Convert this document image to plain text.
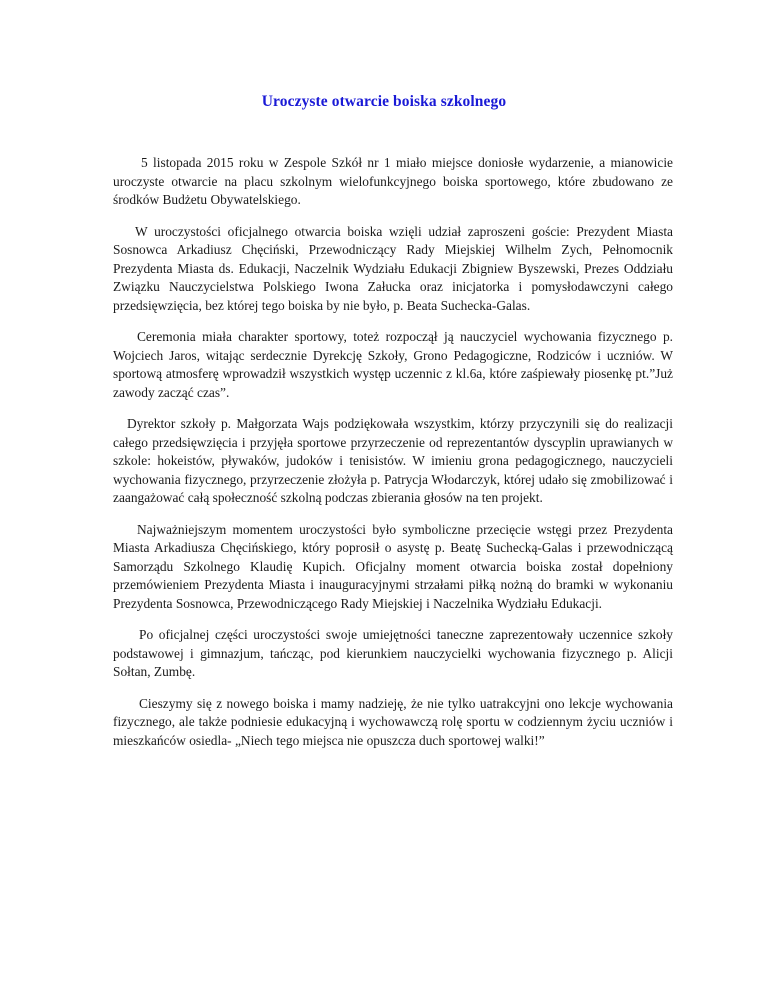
Uroczyste otwarcie boiska szkolnego

5 listopada 2015 roku w Zespole Szkół nr 1 miało miejsce doniosłe wydarzenie, a mianowicie uroczyste otwarcie na placu szkolnym wielofunkcyjnego boiska sportowego, które zbudowano ze środków Budżetu Obywatelskiego.

W uroczystości oficjalnego otwarcia boiska wzięli udział zaproszeni goście: Prezydent Miasta Sosnowca Arkadiusz Chęciński, Przewodniczący Rady Miejskiej Wilhelm Zych, Pełnomocnik Prezydenta Miasta ds. Edukacji, Naczelnik Wydziału Edukacji Zbigniew Byszewski, Prezes Oddziału Związku Nauczycielstwa Polskiego Iwona Załucka oraz inicjatorka i pomysłodawczyni całego przedsięwzięcia, bez której tego boiska by nie było, p. Beata Suchecka-Galas.

Ceremonia miała charakter sportowy, toteż rozpoczął ją nauczyciel wychowania fizycznego p. Wojciech Jaros, witając serdecznie Dyrekcję Szkoły, Grono Pedagogiczne, Rodziców i uczniów. W sportową atmosferę wprowadził wszystkich występ uczennic z kl.6a, które zaśpiewały piosenkę pt.”Już zawody zacząć czas”.

Dyrektor szkoły p. Małgorzata Wajs podziękowała wszystkim, którzy przyczynili się do realizacji całego przedsięwzięcia i przyjęła sportowe przyrzeczenie od reprezentantów dyscyplin uprawianych w szkole: hokeistów, pływaków, judoków i tenisistów. W imieniu grona pedagogicznego, nauczycieli wychowania fizycznego, przyrzeczenie złożyła p. Patrycja Włodarczyk, której udało się zmobilizować i zaangażować całą społeczność szkolną podczas zbierania głosów na ten projekt.

Najważniejszym momentem uroczystości było symboliczne przecięcie wstęgi przez Prezydenta Miasta Arkadiusza Chęcińskiego, który poprosił o asystę p. Beatę Suchecką-Galas i przewodniczącą Samorządu Szkolnego Klaudię Kupich. Oficjalny moment otwarcia boiska został dopełniony przemówieniem Prezydenta Miasta i inauguracyjnymi strzałami piłką nożną do bramki w wykonaniu Prezydenta Sosnowca, Przewodniczącego Rady Miejskiej i Naczelnika Wydziału Edukacji.

Po oficjalnej części uroczystości swoje umiejętności taneczne zaprezentowały uczennice szkoły podstawowej i gimnazjum, tańcząc, pod kierunkiem nauczycielki wychowania fizycznego p. Alicji Sołtan, Zumbę.

Cieszymy się z nowego boiska i mamy nadzieję, że nie tylko uatrakcyjni ono lekcje wychowania fizycznego, ale także podniesie edukacyjną i wychowawczą rolę sportu w codziennym życiu uczniów i mieszkańców osiedla- „Niech tego miejsca nie opuszcza duch sportowej walki!”
